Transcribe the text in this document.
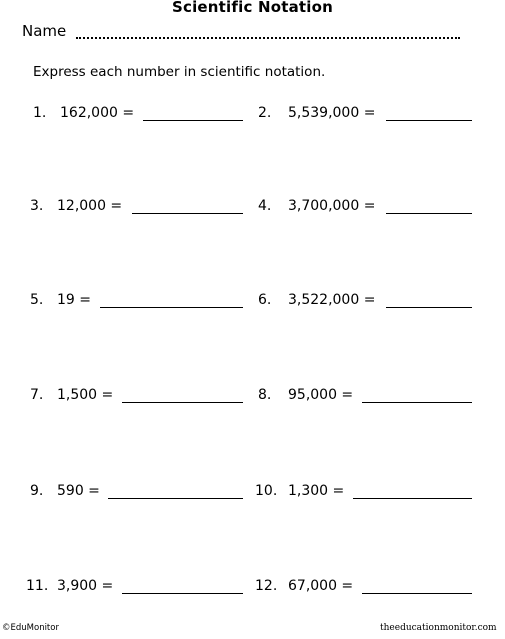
Scientific Notation
Name
Express each number in scientific notation.
1. 162,000 =	2. 5,539,000 =
3. 12,000 =	4. 3,700,000 =
5. 19 =	6. 3,522,000 =
7. 1,500 =	8. 95,000 =
9. 590 =	10. 1,300 =
11. 3,900 =	12. 67,000 =
©EduMonitor	theeducationmonitor.com
